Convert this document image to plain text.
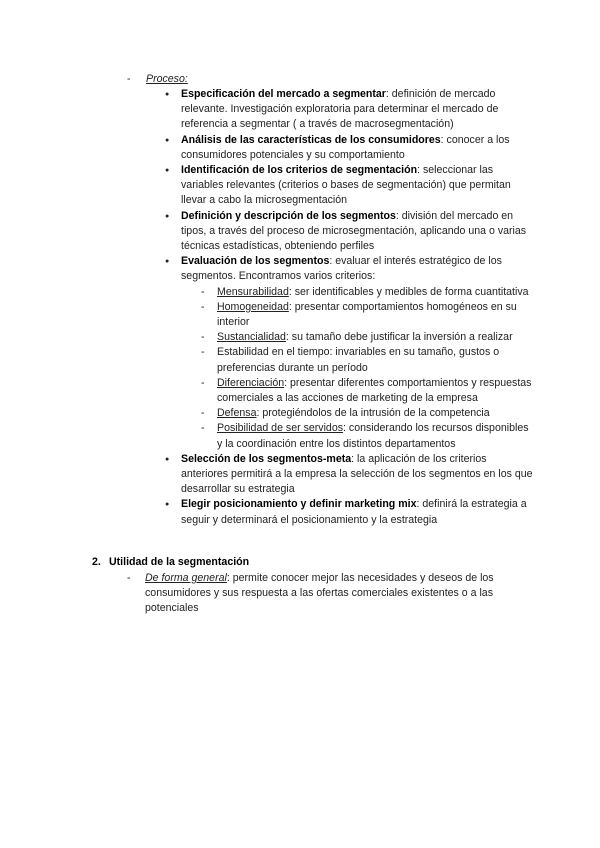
- Proceso:
● Especificación del mercado a segmentar: definición de mercado relevante. Investigación exploratoria para determinar el mercado de referencia a segmentar ( a través de macrosegmentación)
● Análisis de las características de los consumidores: conocer a los consumidores potenciales y su comportamiento
● Identificación de los criterios de segmentación: seleccionar las variables relevantes (criterios o bases de segmentación) que permitan llevar a cabo la microsegmentación
● Definición y descripción de los segmentos: división del mercado en tipos, a través del proceso de microsegmentación, aplicando una o varias técnicas estadísticas, obteniendo perfiles
● Evaluación de los segmentos: evaluar el interés estratégico de los segmentos. Encontramos varios criterios:
- Mensurabilidad: ser identificables y medibles de forma cuantitativa
- Homogeneidad: presentar comportamientos homogéneos en su interior
- Sustancialidad: su tamaño debe justificar la inversión a realizar
- Estabilidad en el tiempo: invariables en su tamaño, gustos o preferencias durante un período
- Diferenciación: presentar diferentes comportamientos y respuestas comerciales a las acciones de marketing de la empresa
- Defensa: protegiéndolos de la intrusión de la competencia
- Posibilidad de ser servidos: considerando los recursos disponibles y la coordinación entre los distintos departamentos
● Selección de los segmentos-meta: la aplicación de los criterios anteriores permitirá a la empresa la selección de los segmentos en los que desarrollar su estrategia
● Elegir posicionamiento y definir marketing mix: definirá la estrategia a seguir y determinará el posicionamiento y la estrategia
2. Utilidad de la segmentación
-	De forma general: permite conocer mejor las necesidades y deseos de los consumidores y sus respuesta a las ofertas comerciales existentes o a las potenciales
